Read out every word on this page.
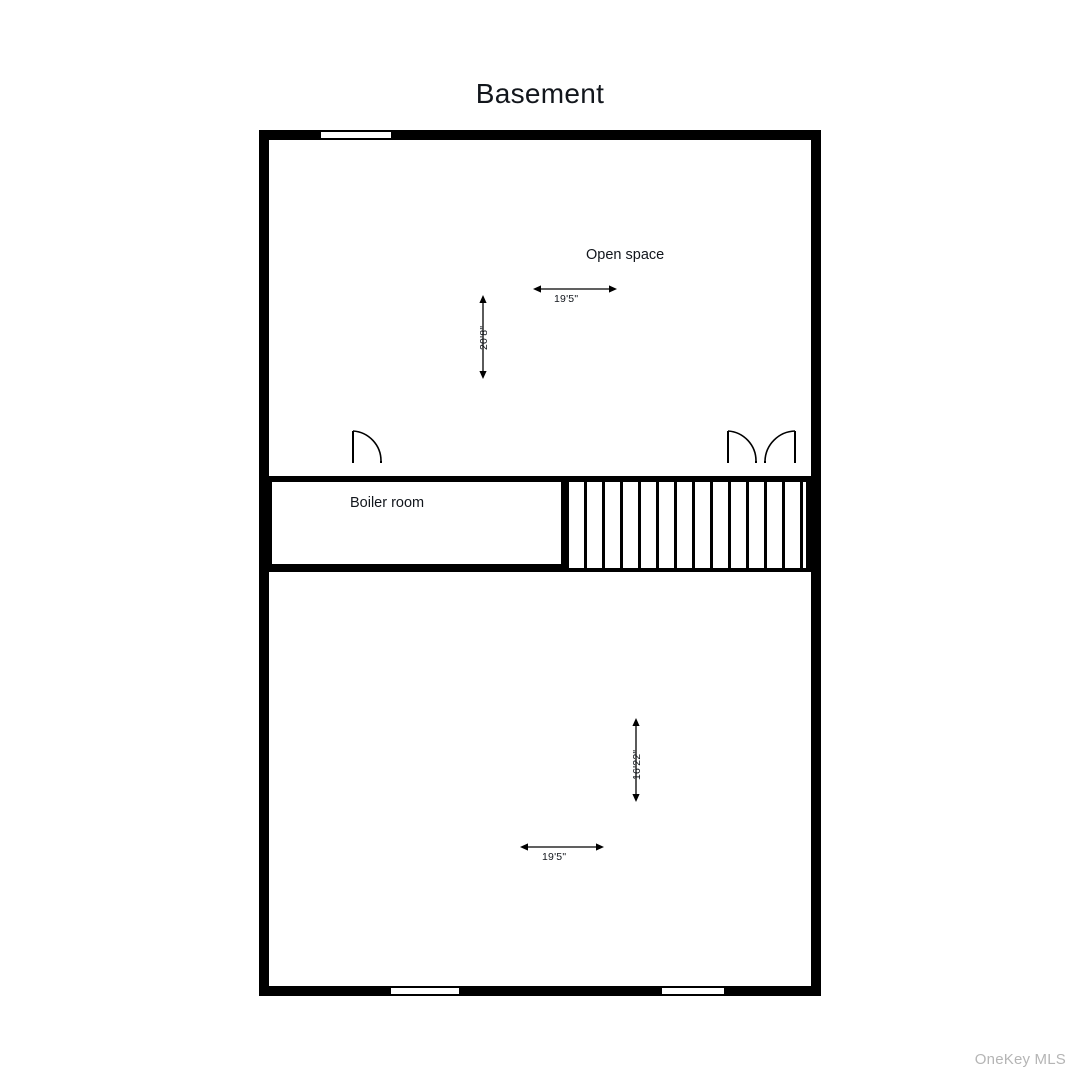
Basement
Open space
Boiler room
19'5"
20'8"
16'22"
19'5"
OneKey MLS
